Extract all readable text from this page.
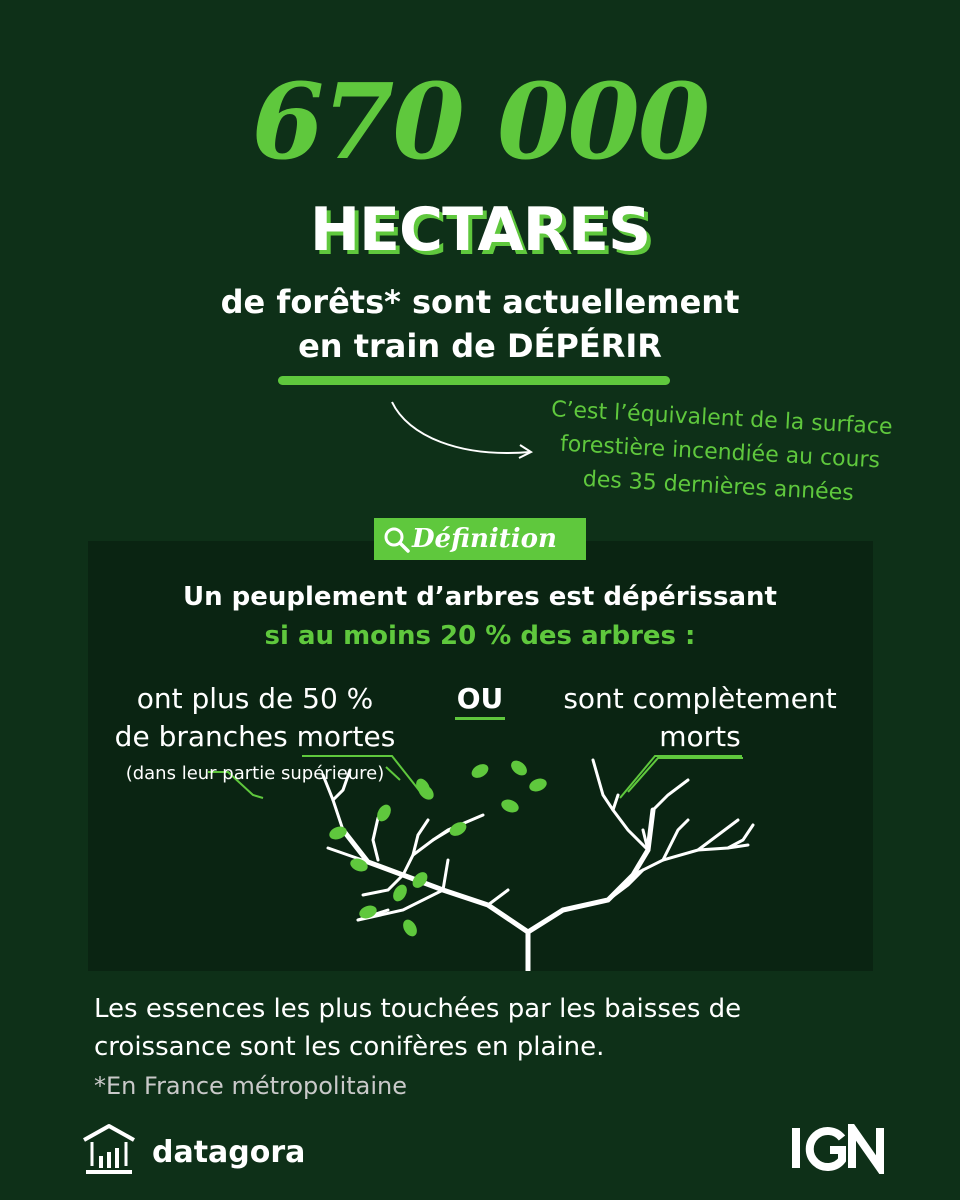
670 000
HECTARES
de forêts* sont actuellement
en train de DÉPÉRIR
C’est l’équivalent de la surface
forestière incendiée au cours
des 35 dernières années
Définition
Un peuplement d’arbres est dépérissant
si au moins 20 % des arbres :
ont plus de 50 %
de branches mortes
(dans leur partie supérieure)
OU	sont complètement
morts
Les essences les plus touchées par les baisses de
croissance sont les conifères en plaine.
*En France métropolitaine
datagora
